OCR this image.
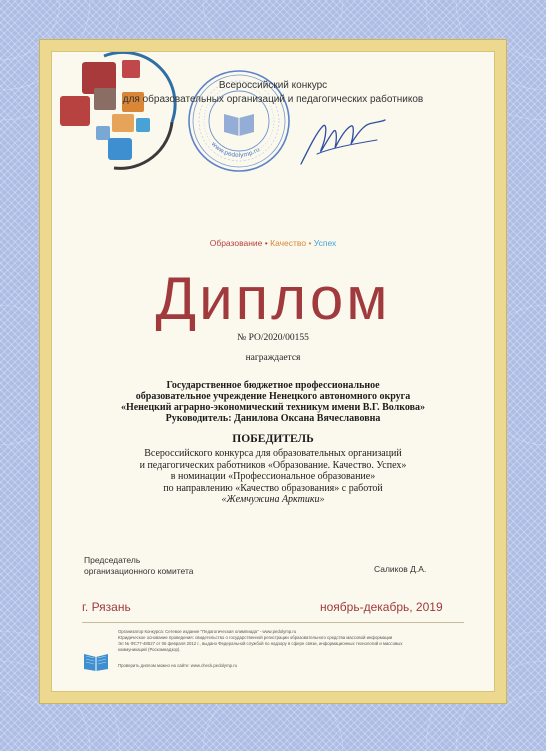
Всероссийский конкурс
для образовательных организаций и педагогических работников

Образование • Качество • Успех
Диплом
№ РО/2020/00155
награждается
Государственное бюджетное профессиональное
образовательное учреждение Ненецкого автономного округа
«Ненецкий аграрно-экономический техникум имени В.Г. Волкова»
Руководитель: Данилова Оксана Вячеславовна
ПОБЕДИТЕЛЬ
Всероссийского конкурса для образовательных организаций
и педагогических работников «Образование. Качество. Успех»
в номинации «Профессиональное образование»
по направлению «Качество образования» с работой
«Жемчужина Арктики»
Председатель
организационного комитета
www.pedolymp.ru

Саликов Д.А.
г. Рязань	ноябрь-декабрь, 2019
Организатор Конкурса: Сетевое издание "Педагогическая олимпиада" - www.pedolymp.ru
Юридическое основание проведения: свидетельство о государственной регистрации образовательного средства массовой информации
Эл № ФС77-48527 от 06 февраля 2012 г., выдано Федеральной службой по надзору в сфере связи, информационных технологий и массовых
коммуникаций (Роскомнадзор).
Проверить диплом можно на сайте: www.check.pedolymp.ru
